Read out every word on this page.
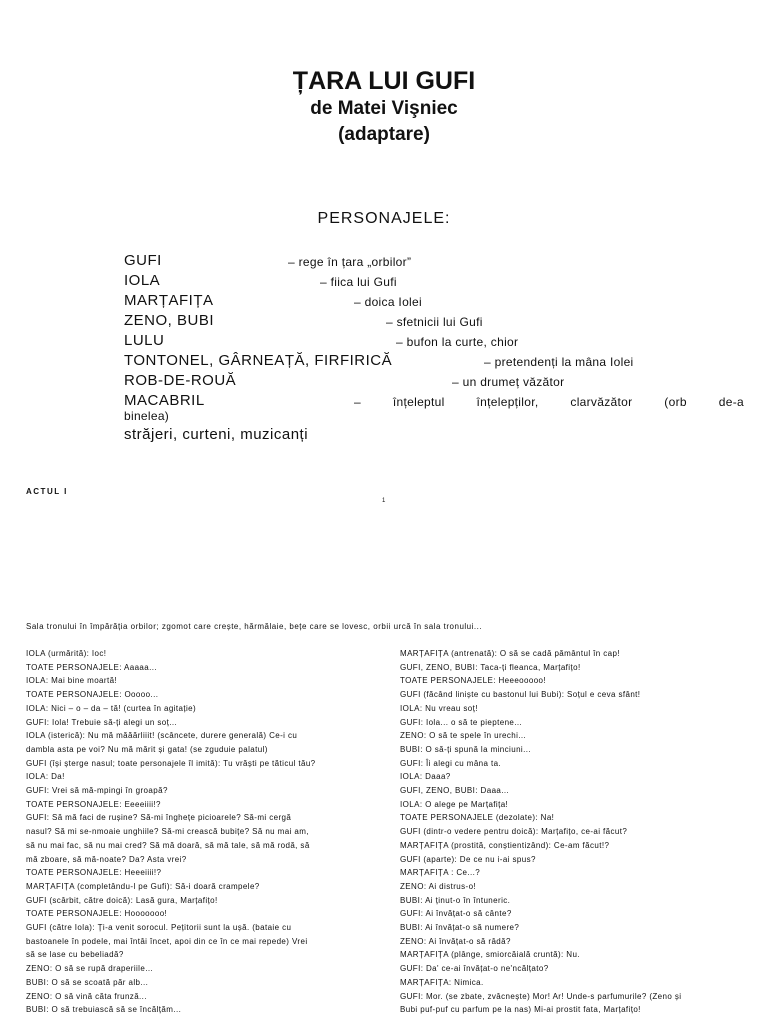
ȚARA LUI GUFI
de Matei Vişniec
(adaptare)
PERSONAJELE:
GUFI	– rege în țara „orbilor”
IOLA	– fiica lui Gufi
MARȚAFIȚA	– doica Iolei
ZENO, BUBI	– sfetnicii lui Gufi
LULU	– bufon la curte, chior
TONTONEL, GÂRNEAȚĂ, FIRFIRICĂ	– pretendenți la mâna Iolei
ROB-DE-ROUĂ	– un drumeț văzător
MACABRIL	– înțeleptul înțelepților, clarvăzător (orb de-a
binelea)
străjeri, curteni, muzicanți
ACTUL I
1
Sala tronului în împărăția orbilor; zgomot care crește, hărmălaie, bețe care se lovesc, orbii urcă în sala tronului...

IOLA (urmărită): Ioc!

TOATE PERSONAJELE: Aaaaa...

IOLA: Mai bine moartă!

TOATE PERSONAJELE: Ooooo...

IOLA: Nici – o – da – tă! (curtea în agitație)

GUFI: Iola! Trebuie să-ți alegi un soț...

IOLA (isterică): Nu mă măăărliiit! (scâncete, durere generală) Ce-i cu

dambla asta pe voi? Nu mă mărit și gata! (se zguduie palatul)

GUFI (își șterge nasul; toate personajele îl imită): Tu vrăști pe tăticul tău?

IOLA: Da!

GUFI: Vrei să mă-mpingi în groapă?

TOATE PERSONAJELE: Eeeeiiii!?

GUFI: Să mă faci de rușine? Să-mi înghețe picioarele? Să-mi cergă

nasul? Să mi se-nmoaie unghiile? Să-mi crească bubițe? Să nu mai am,

să nu mai fac, să nu mai cred? Să mă doară, să mă tale, să mă rodă, să

mă zboare, să mă-noate? Da? Asta vrei?

TOATE PERSONAJELE: Heeeiiii!?

MARȚAFIȚA (completându-l pe Gufi): Să-i doară crampele?

GUFI (scârbit, către doică): Lasă gura, Marțafițo!

TOATE PERSONAJELE: Hooooooo!

GUFI (către Iola): Ți-a venit sorocul. Pețitorii sunt la ușă. (bataie cu

bastoanele în podele, mai întâi încet, apoi din ce în ce mai repede) Vrei

să se lase cu bebeliadă?

ZENO: O să se rupă draperiile...

BUBI: O să se scoată păr alb...

ZENO: O să vină căta frunză...

BUBI: O să trebuiască să se încălțăm...

MARȚAFIȚA (antrenată): O să se cadă pământul în cap!

GUFI, ZENO, BUBI: Taca-ți fleanca, Marțafițo!

TOATE PERSONAJELE: Heeeooooo!

GUFI (făcând liniște cu bastonul lui Bubi): Soțul e ceva sfânt!

IOLA: Nu vreau soț!

GUFI: Iola... o să te pieptene...

ZENO: O să te spele în urechi...

BUBI: O să-ți spună la minciuni...

GUFI: Îi alegi cu mâna ta.

IOLA: Daaa?

GUFI, ZENO, BUBI: Daaa...

IOLA: O alege pe Marțafița!

TOATE PERSONAJELE (dezolate): Na!

GUFI (dintr-o vedere pentru doică): Marțafițo, ce-ai făcut?

MARȚAFIȚA (prostită, conștientizând): Ce-am făcut!?

GUFI (aparte): De ce nu i-ai spus?

MARȚAFIȚA : Ce...?

ZENO: Ai distrus-o!

BUBI: Ai ținut-o în întuneric.

GUFI: Ai învățat-o să cânte?

BUBI: Ai învățat-o să numere?

ZENO: Ai învățat-o să râdă?

MARȚAFIȚA (plânge, smiorcăială cruntă): Nu.

GUFI: Da' ce-ai învățat-o ne'ncălțato?

MARȚAFIȚA: Nimica.

GUFI: Mor. (se zbate, zvâcnește) Mor! Ar! Unde-s parfumurile? (Zeno și

Bubi puf-puf cu parfum pe la nas) Mi-ai prostit fata, Marțafițo!
